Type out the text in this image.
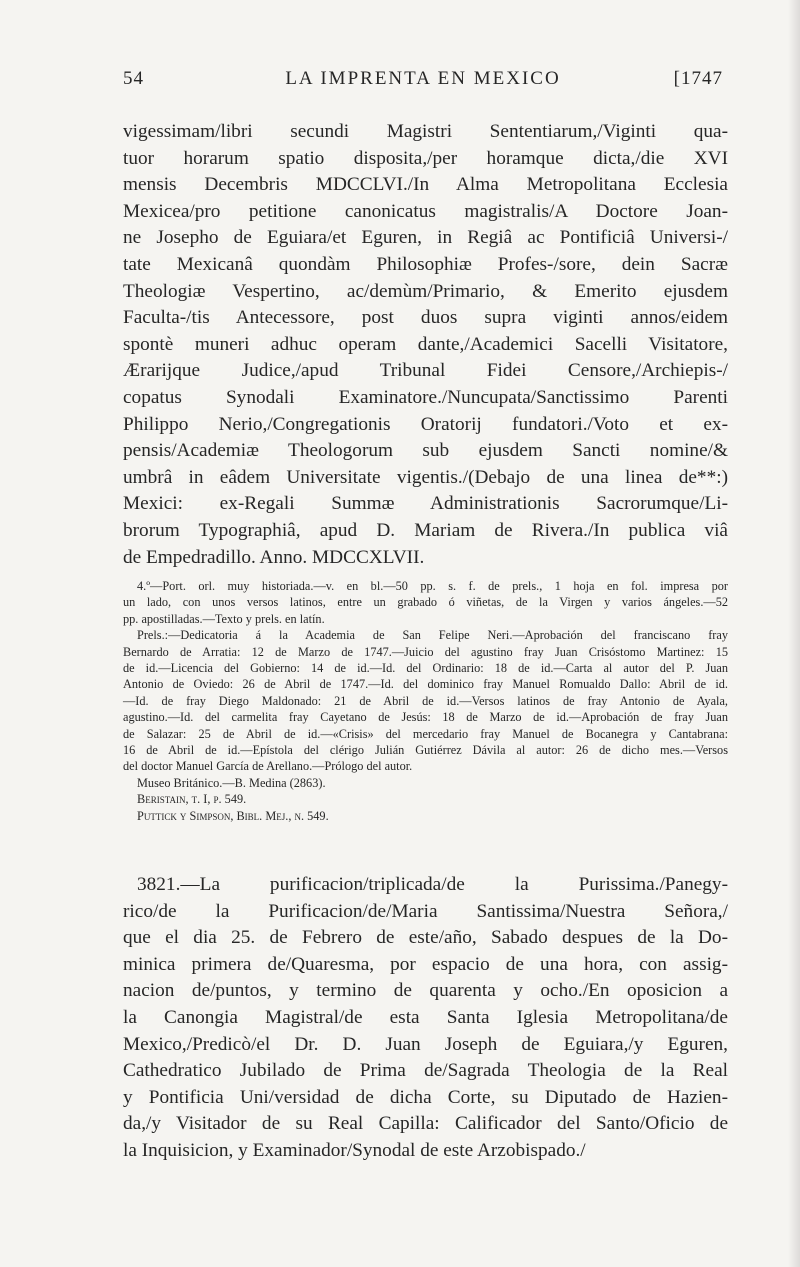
54	LA IMPRENTA EN MEXICO	[1747
vigessimam/libri secundi Magistri Sententiarum,/Viginti qua-
tuor horarum spatio disposita,/per horamque dicta,/die XVI
mensis Decembris MDCCLVI./In Alma Metropolitana Ecclesia
Mexicea/pro petitione canonicatus magistralis/A Doctore Joan-
ne Josepho de Eguiara/et Eguren, in Regiâ ac Pontificiâ Universi-/
tate Mexicanâ quondàm Philosophiæ Profes-/sore, dein Sacræ
Theologiæ Vespertino, ac/demùm/Primario, & Emerito ejusdem
Faculta-/tis Antecessore, post duos supra viginti annos/eidem
spontè muneri adhuc operam dante,/Academici Sacelli Visitatore,
Ærarijque Judice,/apud Tribunal Fidei Censore,/Archiepis-/
copatus Synodali Examinatore./Nuncupata/Sanctissimo Parenti
Philippo Nerio,/Congregationis Oratorij fundatori./Voto et ex-
pensis/Academiæ Theologorum sub ejusdem Sancti nomine/&
umbrâ in eâdem Universitate vigentis./(Debajo de una linea de**:)
Mexici: ex-Regali Summæ Administrationis Sacrorumque/Li-
brorum Typographiâ, apud D. Mariam de Rivera./In publica viâ
de Empedradillo. Anno. MDCCXLVII.
4.º—Port. orl. muy historiada.—v. en bl.—50 pp. s. f. de prels., 1 hoja en fol. impresa por
un lado, con unos versos latinos, entre un grabado ó viñetas, de la Virgen y varios ángeles.—52
pp. apostilladas.—Texto y prels. en latín.
Prels.:—Dedicatoria á la Academia de San Felipe Neri.—Aprobación del franciscano fray
Bernardo de Arratia: 12 de Marzo de 1747.—Juicio del agustino fray Juan Crisóstomo Martinez: 15
de id.—Licencia del Gobierno: 14 de id.—Id. del Ordinario: 18 de id.—Carta al autor del P. Juan
Antonio de Oviedo: 26 de Abril de 1747.—Id. del dominico fray Manuel Romualdo Dallo: Abril de id.
—Id. de fray Diego Maldonado: 21 de Abril de id.—Versos latinos de fray Antonio de Ayala,
agustino.—Id. del carmelita fray Cayetano de Jesús: 18 de Marzo de id.—Aprobación de fray Juan
de Salazar: 25 de Abril de id.—«Crisis» del mercedario fray Manuel de Bocanegra y Cantabrana:
16 de Abril de id.—Epístola del clérigo Julián Gutiérrez Dávila al autor: 26 de dicho mes.—Versos
del doctor Manuel García de Arellano.—Prólogo del autor.
Museo Británico.—B. Medina (2863).
Beristain, t. I, p. 549.
Puttick y Simpson, Bibl. Mej., n. 549.
3821.—La purificacion/triplicada/de la Purissima./Panegy-
rico/de la Purificacion/de/Maria Santissima/Nuestra Señora,/
que el dia 25. de Febrero de este/año, Sabado despues de la Do-
minica primera de/Quaresma, por espacio de una hora, con assig-
nacion de/puntos, y termino de quarenta y ocho./En oposicion a
la Canongia Magistral/de esta Santa Iglesia Metropolitana/de
Mexico,/Predicò/el Dr. D. Juan Joseph de Eguiara,/y Eguren,
Cathedratico Jubilado de Prima de/Sagrada Theologia de la Real
y Pontificia Uni/versidad de dicha Corte, su Diputado de Hazien-
da,/y Visitador de su Real Capilla: Calificador del Santo/Oficio de
la Inquisicion, y Examinador/Synodal de este Arzobispado./
